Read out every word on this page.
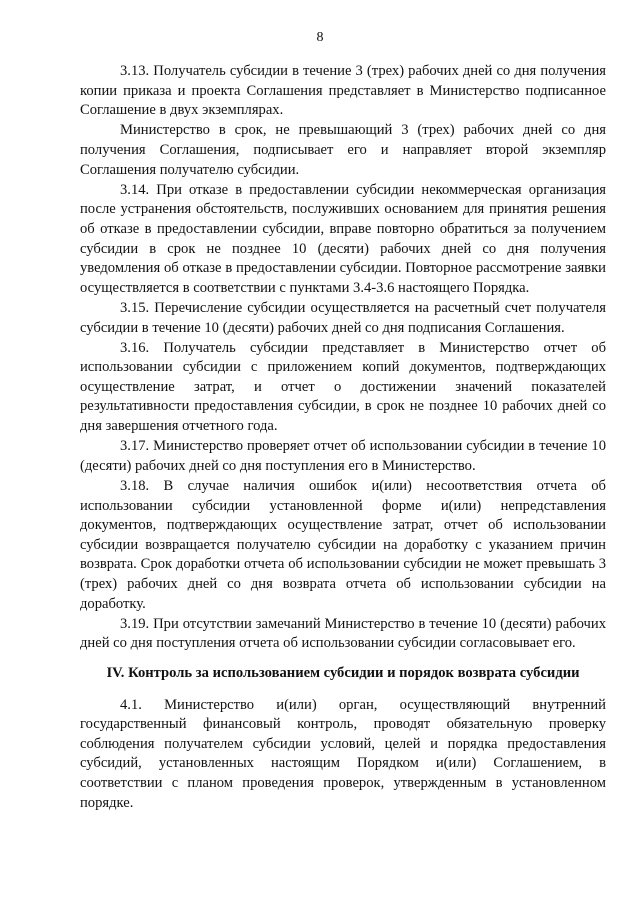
8

3.13. Получатель субсидии в течение 3 (трех) рабочих дней со дня получения копии приказа и проекта Соглашения представляет в Министерство подписанное Соглашение в двух экземплярах.

Министерство в срок, не превышающий 3 (трех) рабочих дней со дня получения Соглашения, подписывает его и направляет второй экземпляр Соглашения получателю субсидии.

3.14. При отказе в предоставлении субсидии некоммерческая организация после устранения обстоятельств, послуживших основанием для принятия решения об отказе в предоставлении субсидии, вправе повторно обратиться за получением субсидии в срок не позднее 10 (десяти) рабочих дней со дня получения уведомления об отказе в предоставлении субсидии. Повторное рассмотрение заявки осуществляется в соответствии с пунктами 3.4-3.6 настоящего Порядка.

3.15. Перечисление субсидии осуществляется на расчетный счет получателя субсидии в течение 10 (десяти) рабочих дней со дня подписания Соглашения.

3.16. Получатель субсидии представляет в Министерство отчет об использовании субсидии с приложением копий документов, подтверждающих осуществление затрат, и отчет о достижении значений показателей результативности предоставления субсидии, в срок не позднее 10 рабочих дней со дня завершения отчетного года.

3.17. Министерство проверяет отчет об использовании субсидии в течение 10 (десяти) рабочих дней со дня поступления его в Министерство.

3.18. В случае наличия ошибок и(или) несоответствия отчета об использовании субсидии установленной форме и(или) непредставления документов, подтверждающих осуществление затрат, отчет об использовании субсидии возвращается получателю субсидии на доработку с указанием причин возврата. Срок доработки отчета об использовании субсидии не может превышать 3 (трех) рабочих дней со дня возврата отчета об использовании субсидии на доработку.

3.19. При отсутствии замечаний Министерство в течение 10 (десяти) рабочих дней со дня поступления отчета об использовании субсидии согласовывает его.

IV. Контроль за использованием субсидии и порядок возврата субсидии

4.1. Министерство и(или) орган, осуществляющий внутренний государственный финансовый контроль, проводят обязательную проверку соблюдения получателем субсидии условий, целей и порядка предоставления субсидий, установленных настоящим Порядком и(или) Соглашением, в соответствии с планом проведения проверок, утвержденным в установленном порядке.
